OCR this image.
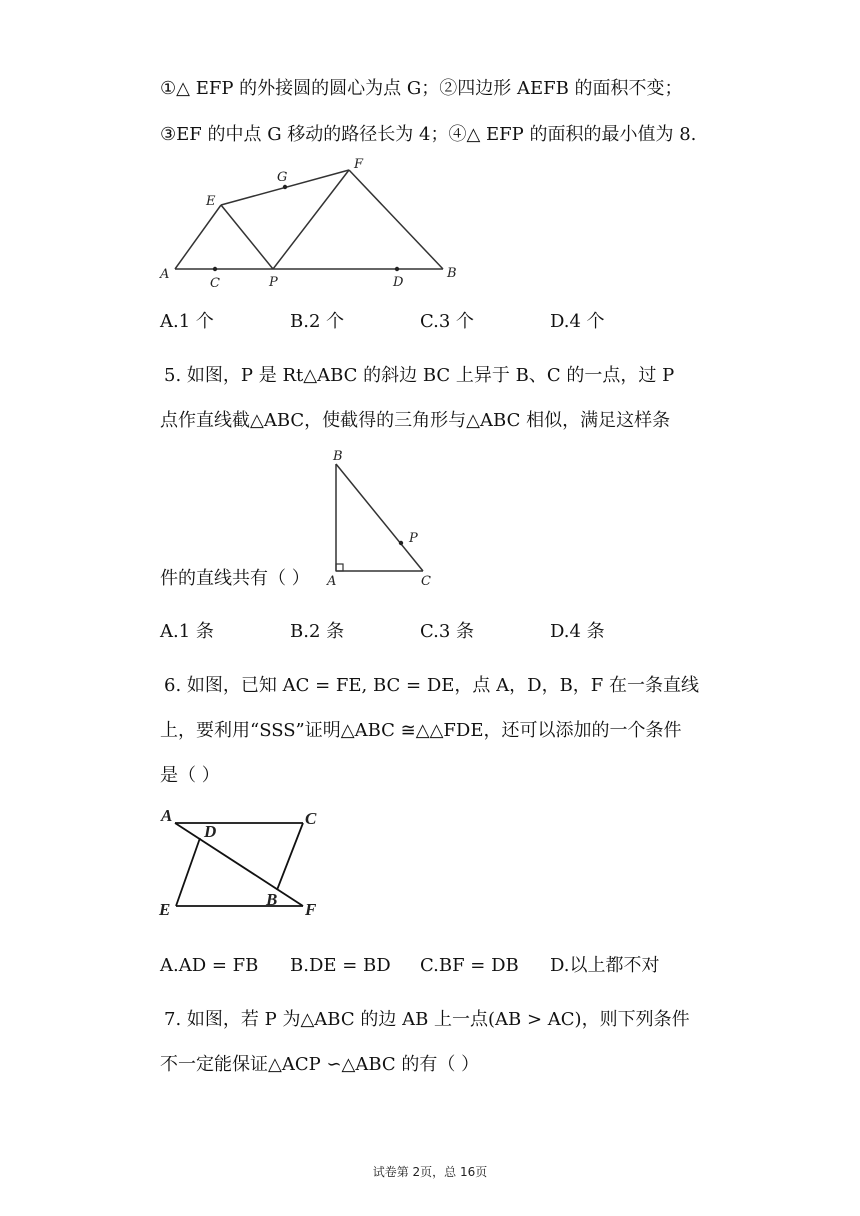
①△ EFP 的外接圆的圆心为点 G；②四边形 AEFB 的面积不变；
③EF 的中点 G 移动的路径长为 4；④△ EFP 的面积的最小值为 8.
A	B
C	D
P
E
G
F
A.1 个	B.2 个	C.3 个	D.4 个
5. 如图，P 是 Rt△ABC 的斜边 BC 上异于 B、C 的一点，过 P
点作直线截△ABC，使截得的三角形与△ABC 相似，满足这样条
B
P
A	C
件的直线共有（ ）
A.1 条	B.2 条	C.3 条	D.4 条
6. 如图，已知 AC = FE, BC = DE，点 A，D，B，F 在一条直线
上，要利用“SSS”证明△ABC ≅△△FDE，还可以添加的一个条件
是（ ）
A
D
C
E
B
F
A.AD = FB B.DE = BD C.BF = DB D.以上都不对
7. 如图，若 P 为△ABC 的边 AB 上一点(AB > AC)，则下列条件
不一定能保证△ACP ∽△ABC 的有（ ）
试卷第 2页，总 16页
